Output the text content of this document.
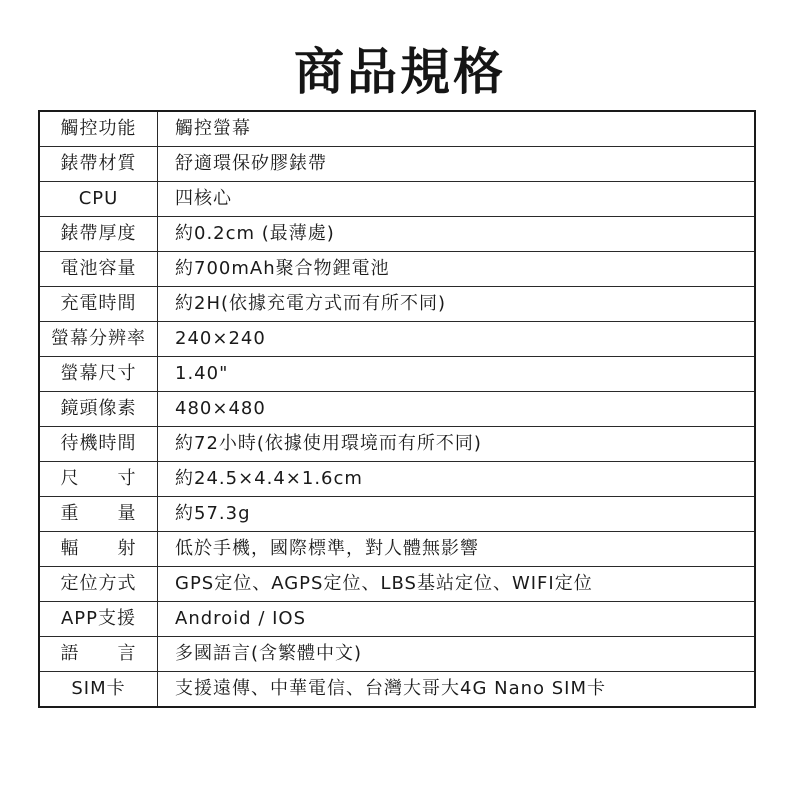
商品規格
觸控功能	觸控螢幕
錶帶材質	舒適環保矽膠錶帶
CPU	四核心
錶帶厚度	約0.2cm (最薄處)
電池容量	約700mAh聚合物鋰電池
充電時間	約2H(依據充電方式而有所不同)
螢幕分辨率	240×240
螢幕尺寸	1.40"
鏡頭像素	480×480
待機時間	約72小時(依據使用環境而有所不同)
尺　　寸	約24.5×4.4×1.6cm
重　　量	約57.3g
輻　　射	低於手機，國際標準，對人體無影響
定位方式	GPS定位、AGPS定位、LBS基站定位、WIFI定位
APP支援	Android / IOS
語　　言	多國語言(含繁體中文)
SIM卡	支援遠傳、中華電信、台灣大哥大4G Nano SIM卡
